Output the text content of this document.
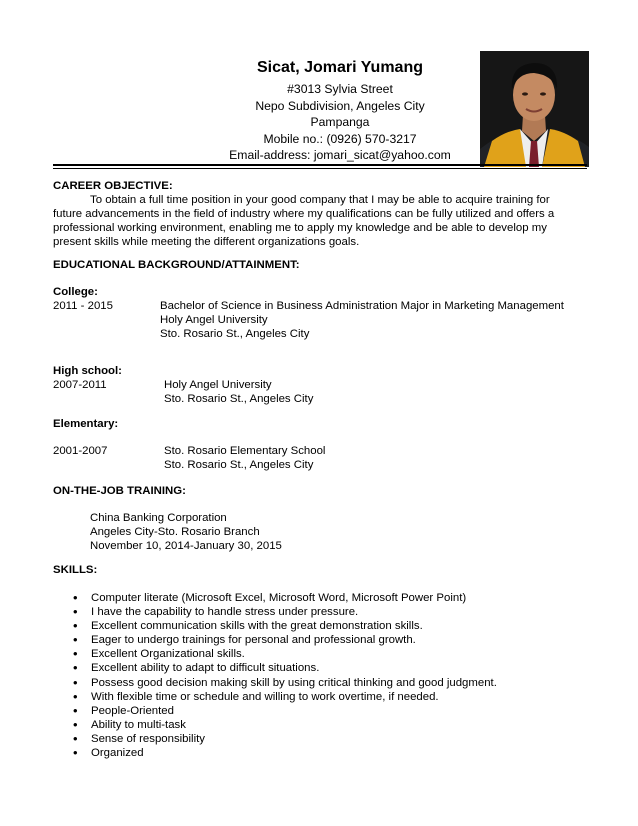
Sicat, Jomari Yumang
#3013 Sylvia Street
Nepo Subdivision, Angeles City
Pampanga
Mobile no.: (0926) 570-3217
Email-address: jomari_sicat@yahoo.com
CAREER OBJECTIVE:
To obtain a full time position in your good company that I may be able to acquire training for
future advancements in the field of industry where my qualifications can be fully utilized and offers a
professional working environment, enabling me to apply my knowledge and be able to develop my
present skills while meeting the different organizations goals.
EDUCATIONAL BACKGROUND/ATTAINMENT:
College:
2011 - 2015	Bachelor of Science in Business Administration Major in Marketing Management
Holy Angel University
Sto. Rosario St., Angeles City
High school:
2007-2011	Holy Angel University
Sto. Rosario St., Angeles City
Elementary:
2001-2007	Sto. Rosario Elementary School
Sto. Rosario St., Angeles City
ON-THE-JOB TRAINING:
China Banking Corporation
Angeles City-Sto. Rosario Branch
November 10, 2014-January 30, 2015
SKILLS:
• Computer literate (Microsoft Excel, Microsoft Word, Microsoft Power Point)
• I have the capability to handle stress under pressure.
• Excellent communication skills with the great demonstration skills.
• Eager to undergo trainings for personal and professional growth.
• Excellent Organizational skills.
• Excellent ability to adapt to difficult situations.
• Possess good decision making skill by using critical thinking and good judgment.
• With flexible time or schedule and willing to work overtime, if needed.
• People-Oriented
• Ability to multi-task
• Sense of responsibility
• Organized
